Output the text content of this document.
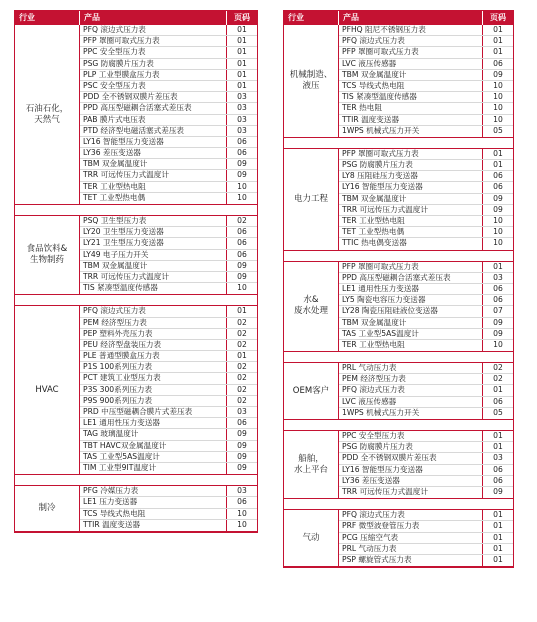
行业	产品	页码
石油石化，
天然气
PFQ 滚边式压力表	01
PFP 罩圈可取式压力表	01
PPC 安全型压力表	01
PSG 防腐膜片压力表	01
PLP 工业型膜盒压力表	01
PSC 安全型压力表	01
PDD 全不锈钢双膜片差压表	03
PPD 高压型磁耦合活塞式差压表	03
PAB 膜片式电压表	03
PTD 经济型电磁活塞式差压表	03
LY16 智能型压力变送器	06
LY36 差压变送器	06
TBM 双金属温度计	09
TRR 可远传压力式温度计	09
TER 工业型热电阻	10
TET 工业型热电偶	10
食品饮料&
生物制药
PSQ 卫生型压力表	02
LY20 卫生型压力变送器	06
LY21 卫生型压力变送器	06
LY49 电子压力开关	06
TBM 双金属温度计	09
TRR 可远传压力式温度计	09
TIS 紧凑型温度传感器	10
HVAC
PFQ 滚边式压力表	01
PEM 经济型压力表	02
PEP 塑料外壳压力表	02
PEU 经济型盘装压力表	02
PLE 普通型膜盒压力表	01
P1S 100系列压力表	02
PCT 建筑工业型压力表	02
P3S 300系列压力表	02
P9S 900系列压力表	02
PRD 中压型磁耦合膜片式差压表	03
LE1 通用性压力变送器	06
TAG 玻璃温度计	09
TBT HAVC双金属温度计	09
TAS 工业型5AS温度计	09
TIM 工业型9IT温度计	09
制冷
PFG 冷媒压力表	03
LE1 压力变送器	06
TCS 导线式热电阻	10
TTIR 温度变送器	10
行业	产品	页码
机械制造、
液压
PFHQ 阻尼不锈钢压力表	01
PFQ 滚边式压力表	01
PFP 罩圈可取式压力表	01
LVC 液压传感器	06
TBM 双金属温度计	09
TCS 导线式热电阻	10
TIS 紧凑型温度传感器	10
TER 热电阻	10
TTIR 温度变送器	10
1WPS 机械式压力开关	05
电力工程
PFP 罩圈可取式压力表	01
PSG 防腐膜片压力表	01
LY8 压阻硅压力变送器	06
LY16 智能型压力变送器	06
TBM 双金属温度计	09
TRR 可远传压力式温度计	09
TER 工业型热电阻	10
TET 工业型热电偶	10
TTIC 热电偶变送器	10
水&
废水处理
PFP 罩圈可取式压力表	01
PPD 高压型磁耦合活塞式差压表	03
LE1 通用性压力变送器	06
LY5 陶瓷电容压力变送器	06
LY28 陶瓷压阻硅液位变送器	07
TBM 双金属温度计	09
TAS 工业型5AS温度计	09
TER 工业型热电阻	10
OEM客户
PRL 气动压力表	02
PEM 经济型压力表	02
PFQ 滚边式压力表	01
LVC 液压传感器	06
1WPS 机械式压力开关	05
船舶，
水上平台
PPC 安全型压力表	01
PSG 防腐膜片压力表	01
PDD 全不锈钢双膜片差压表	03
LY16 智能型压力变送器	06
LY36 差压变送器	06
TRR 可远传压力式温度计	09
气动
PFQ 滚边式压力表	01
PRF 微型波登管压力表	01
PCG 压缩空气表	01
PRL 气动压力表	01
PSP 螺旋管式压力表	01
